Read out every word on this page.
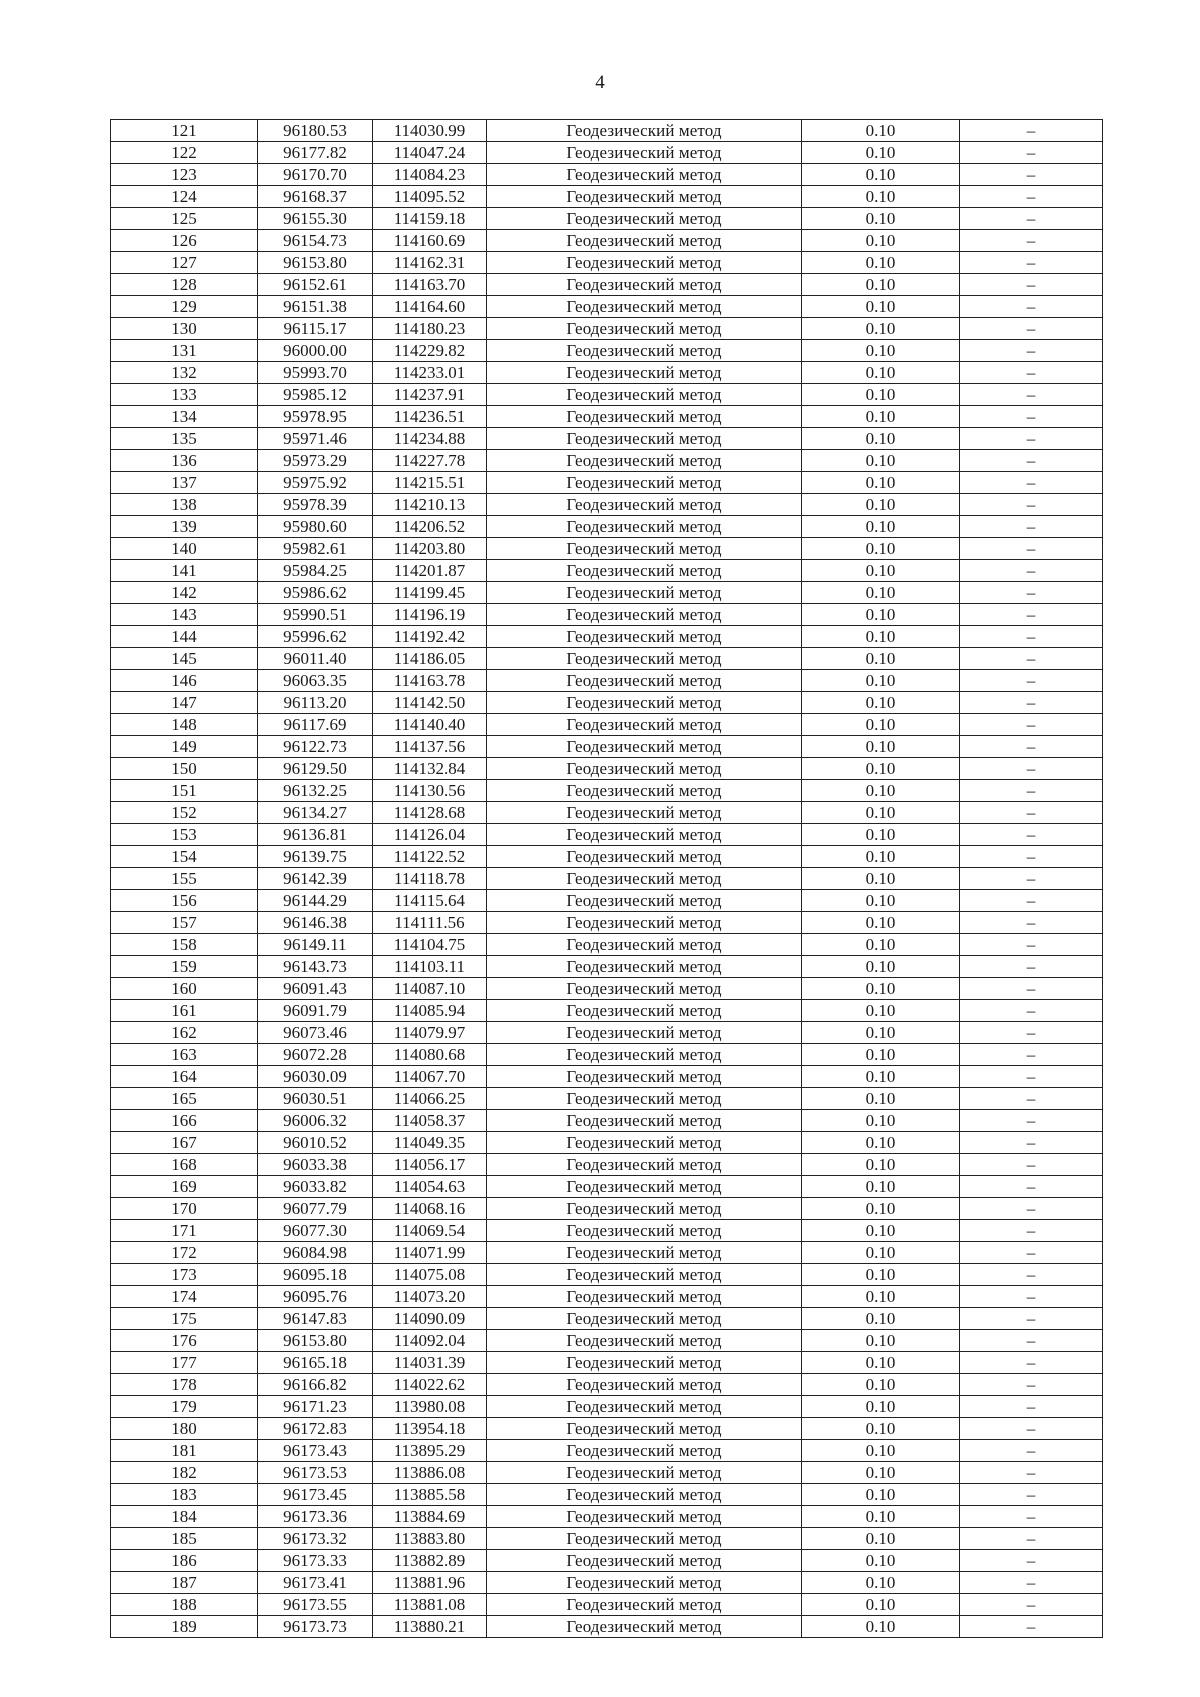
4
121	96180.53	114030.99	Геодезический метод	0.10	–
122	96177.82	114047.24	Геодезический метод	0.10	–
123	96170.70	114084.23	Геодезический метод	0.10	–
124	96168.37	114095.52	Геодезический метод	0.10	–
125	96155.30	114159.18	Геодезический метод	0.10	–
126	96154.73	114160.69	Геодезический метод	0.10	–
127	96153.80	114162.31	Геодезический метод	0.10	–
128	96152.61	114163.70	Геодезический метод	0.10	–
129	96151.38	114164.60	Геодезический метод	0.10	–
130	96115.17	114180.23	Геодезический метод	0.10	–
131	96000.00	114229.82	Геодезический метод	0.10	–
132	95993.70	114233.01	Геодезический метод	0.10	–
133	95985.12	114237.91	Геодезический метод	0.10	–
134	95978.95	114236.51	Геодезический метод	0.10	–
135	95971.46	114234.88	Геодезический метод	0.10	–
136	95973.29	114227.78	Геодезический метод	0.10	–
137	95975.92	114215.51	Геодезический метод	0.10	–
138	95978.39	114210.13	Геодезический метод	0.10	–
139	95980.60	114206.52	Геодезический метод	0.10	–
140	95982.61	114203.80	Геодезический метод	0.10	–
141	95984.25	114201.87	Геодезический метод	0.10	–
142	95986.62	114199.45	Геодезический метод	0.10	–
143	95990.51	114196.19	Геодезический метод	0.10	–
144	95996.62	114192.42	Геодезический метод	0.10	–
145	96011.40	114186.05	Геодезический метод	0.10	–
146	96063.35	114163.78	Геодезический метод	0.10	–
147	96113.20	114142.50	Геодезический метод	0.10	–
148	96117.69	114140.40	Геодезический метод	0.10	–
149	96122.73	114137.56	Геодезический метод	0.10	–
150	96129.50	114132.84	Геодезический метод	0.10	–
151	96132.25	114130.56	Геодезический метод	0.10	–
152	96134.27	114128.68	Геодезический метод	0.10	–
153	96136.81	114126.04	Геодезический метод	0.10	–
154	96139.75	114122.52	Геодезический метод	0.10	–
155	96142.39	114118.78	Геодезический метод	0.10	–
156	96144.29	114115.64	Геодезический метод	0.10	–
157	96146.38	114111.56	Геодезический метод	0.10	–
158	96149.11	114104.75	Геодезический метод	0.10	–
159	96143.73	114103.11	Геодезический метод	0.10	–
160	96091.43	114087.10	Геодезический метод	0.10	–
161	96091.79	114085.94	Геодезический метод	0.10	–
162	96073.46	114079.97	Геодезический метод	0.10	–
163	96072.28	114080.68	Геодезический метод	0.10	–
164	96030.09	114067.70	Геодезический метод	0.10	–
165	96030.51	114066.25	Геодезический метод	0.10	–
166	96006.32	114058.37	Геодезический метод	0.10	–
167	96010.52	114049.35	Геодезический метод	0.10	–
168	96033.38	114056.17	Геодезический метод	0.10	–
169	96033.82	114054.63	Геодезический метод	0.10	–
170	96077.79	114068.16	Геодезический метод	0.10	–
171	96077.30	114069.54	Геодезический метод	0.10	–
172	96084.98	114071.99	Геодезический метод	0.10	–
173	96095.18	114075.08	Геодезический метод	0.10	–
174	96095.76	114073.20	Геодезический метод	0.10	–
175	96147.83	114090.09	Геодезический метод	0.10	–
176	96153.80	114092.04	Геодезический метод	0.10	–
177	96165.18	114031.39	Геодезический метод	0.10	–
178	96166.82	114022.62	Геодезический метод	0.10	–
179	96171.23	113980.08	Геодезический метод	0.10	–
180	96172.83	113954.18	Геодезический метод	0.10	–
181	96173.43	113895.29	Геодезический метод	0.10	–
182	96173.53	113886.08	Геодезический метод	0.10	–
183	96173.45	113885.58	Геодезический метод	0.10	–
184	96173.36	113884.69	Геодезический метод	0.10	–
185	96173.32	113883.80	Геодезический метод	0.10	–
186	96173.33	113882.89	Геодезический метод	0.10	–
187	96173.41	113881.96	Геодезический метод	0.10	–
188	96173.55	113881.08	Геодезический метод	0.10	–
189	96173.73	113880.21	Геодезический метод	0.10	–
